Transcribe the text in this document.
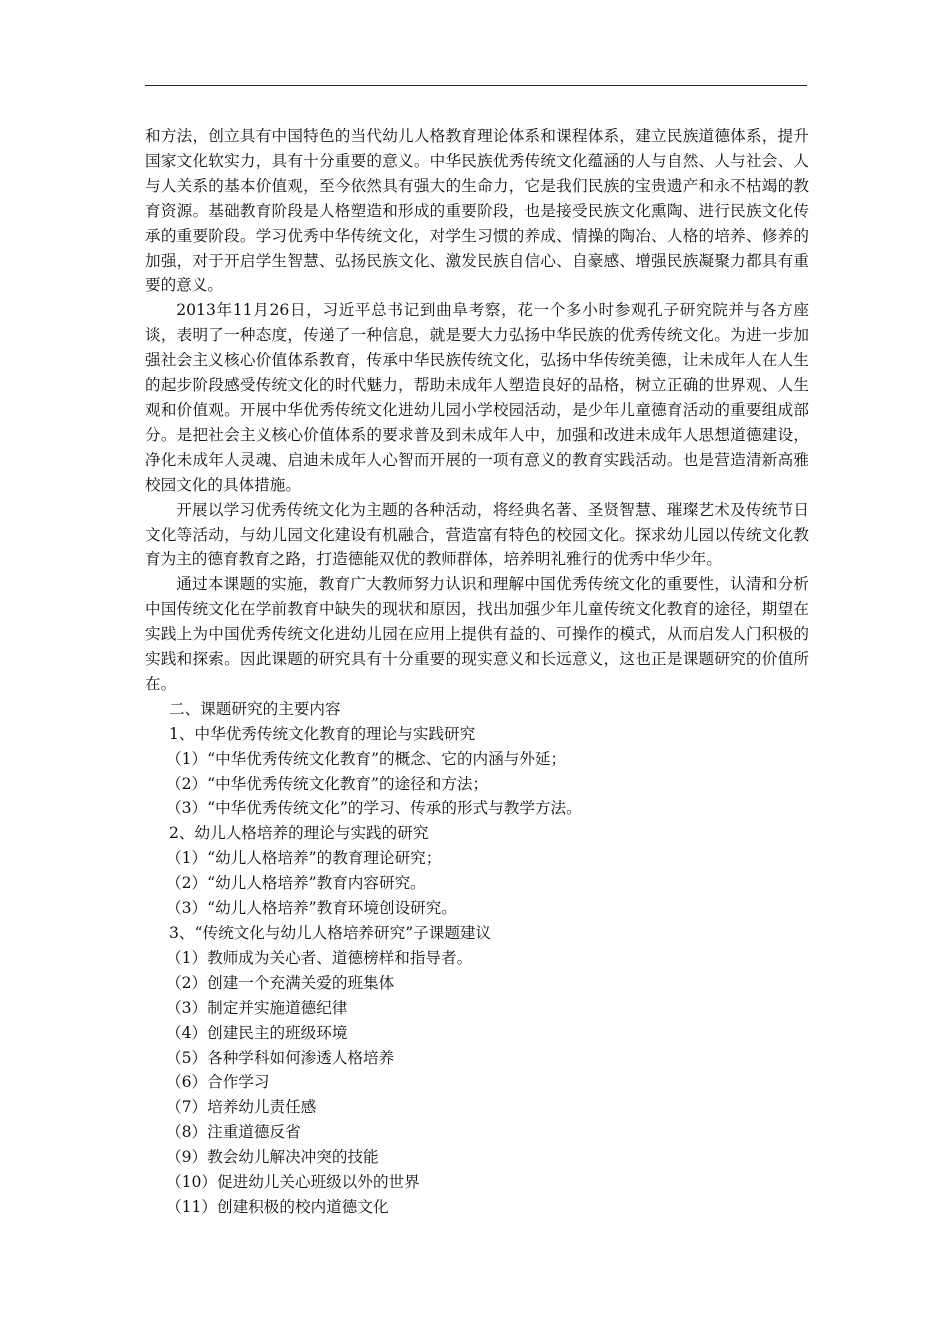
和方法，创立具有中国特色的当代幼儿人格教育理论体系和课程体系，建立民族道德体系，提升国家文化软实力，具有十分重要的意义。中华民族优秀传统文化蕴涵的人与自然、人与社会、人与人关系的基本价值观，至今依然具有强大的生命力，它是我们民族的宝贵遗产和永不枯竭的教育资源。基础教育阶段是人格塑造和形成的重要阶段，也是接受民族文化熏陶、进行民族文化传承的重要阶段。学习优秀中华传统文化，对学生习惯的养成、情操的陶冶、人格的培养、修养的加强，对于开启学生智慧、弘扬民族文化、激发民族自信心、自豪感、增强民族凝聚力都具有重要的意义。

2013年11月26日，习近平总书记到曲阜考察，花一个多小时参观孔子研究院并与各方座谈，表明了一种态度，传递了一种信息，就是要大力弘扬中华民族的优秀传统文化。为进一步加强社会主义核心价值体系教育，传承中华民族传统文化，弘扬中华传统美德，让未成年人在人生的起步阶段感受传统文化的时代魅力，帮助未成年人塑造良好的品格，树立正确的世界观、人生观和价值观。开展中华优秀传统文化进幼儿园小学校园活动，是少年儿童德育活动的重要组成部分。是把社会主义核心价值体系的要求普及到未成年人中，加强和改进未成年人思想道德建设，净化未成年人灵魂、启迪未成年人心智而开展的一项有意义的教育实践活动。也是营造清新高雅校园文化的具体措施。

开展以学习优秀传统文化为主题的各种活动，将经典名著、圣贤智慧、璀璨艺术及传统节日文化等活动，与幼儿园文化建设有机融合，营造富有特色的校园文化。探求幼儿园以传统文化教育为主的德育教育之路，打造德能双优的教师群体，培养明礼雅行的优秀中华少年。

通过本课题的实施，教育广大教师努力认识和理解中国优秀传统文化的重要性，认清和分析中国传统文化在学前教育中缺失的现状和原因，找出加强少年儿童传统文化教育的途径，期望在实践上为中国优秀传统文化进幼儿园在应用上提供有益的、可操作的模式，从而启发人门积极的实践和探索。因此课题的研究具有十分重要的现实意义和长远意义，这也正是课题研究的价值所在。

二、课题研究的主要内容

1、中华优秀传统文化教育的理论与实践研究

（1）“中华优秀传统文化教育”的概念、它的内涵与外延；

（2）“中华优秀传统文化教育”的途径和方法；

（3）“中华优秀传统文化”的学习、传承的形式与教学方法。

2、幼儿人格培养的理论与实践的研究

（1）“幼儿人格培养”的教育理论研究；

（2）“幼儿人格培养”教育内容研究。

（3）“幼儿人格培养”教育环境创设研究。

3、“传统文化与幼儿人格培养研究”子课题建议

（1）教师成为关心者、道德榜样和指导者。

（2）创建一个充满关爱的班集体

（3）制定并实施道德纪律

（4）创建民主的班级环境

（5）各种学科如何渗透人格培养

（6）合作学习

（7）培养幼儿责任感

（8）注重道德反省

（9）教会幼儿解决冲突的技能

（10）促进幼儿关心班级以外的世界

（11）创建积极的校内道德文化
